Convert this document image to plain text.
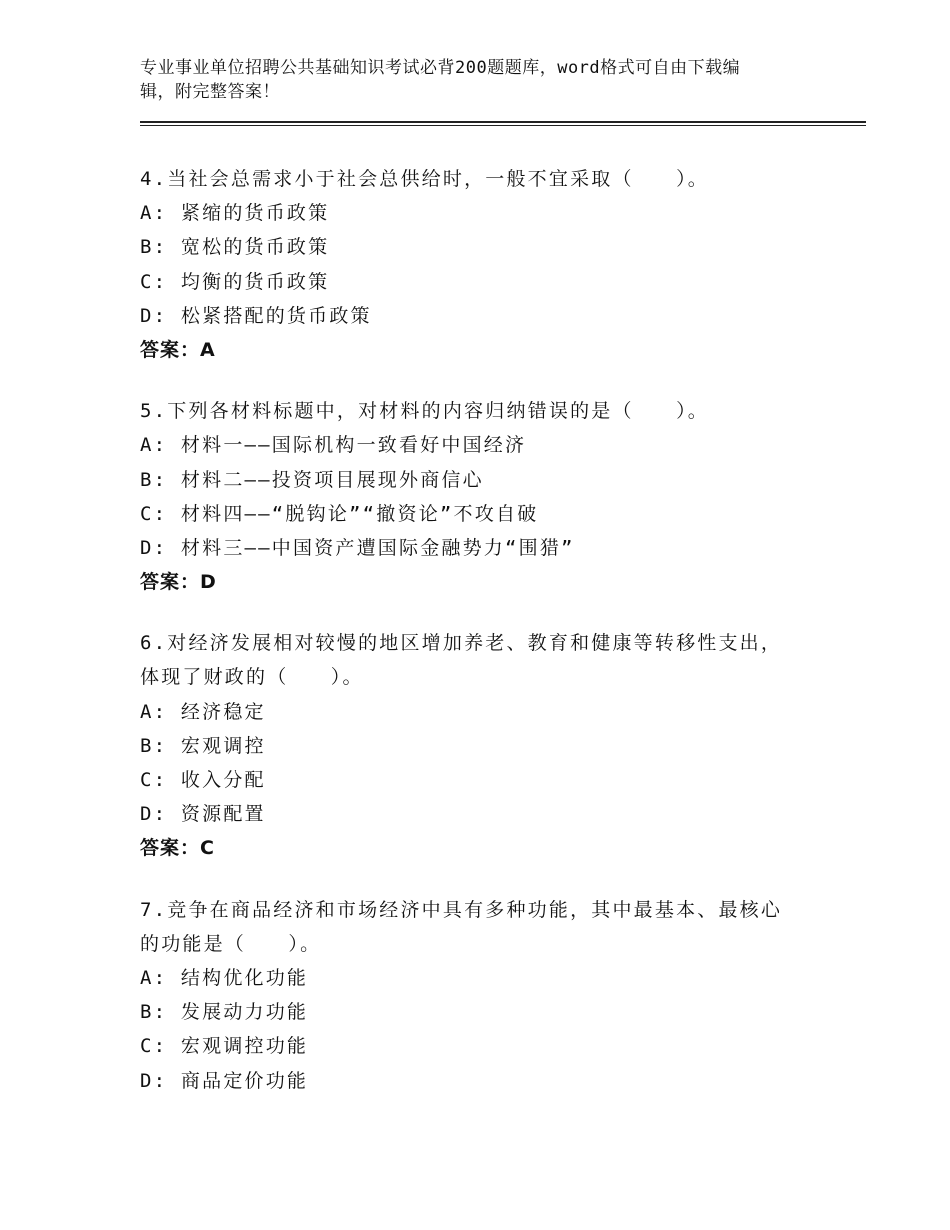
专业事业单位招聘公共基础知识考试必背200题题库，word格式可自由下载编
辑，附完整答案！
4.当社会总需求小于社会总供给时，一般不宜采取（　　）。
A: 紧缩的货币政策
B: 宽松的货币政策
C: 均衡的货币政策
D: 松紧搭配的货币政策
答案：A
5.下列各材料标题中，对材料的内容归纳错误的是（　　）。
A: 材料一——国际机构一致看好中国经济
B: 材料二——投资项目展现外商信心
C: 材料四——“脱钩论”“撤资论”不攻自破
D: 材料三——中国资产遭国际金融势力“围猎”
答案：D
6.对经济发展相对较慢的地区增加养老、教育和健康等转移性支出，
体现了财政的（　　）。
A: 经济稳定
B: 宏观调控
C: 收入分配
D: 资源配置
答案：C
7.竞争在商品经济和市场经济中具有多种功能，其中最基本、最核心
的功能是（　　）。
A: 结构优化功能
B: 发展动力功能
C: 宏观调控功能
D: 商品定价功能
